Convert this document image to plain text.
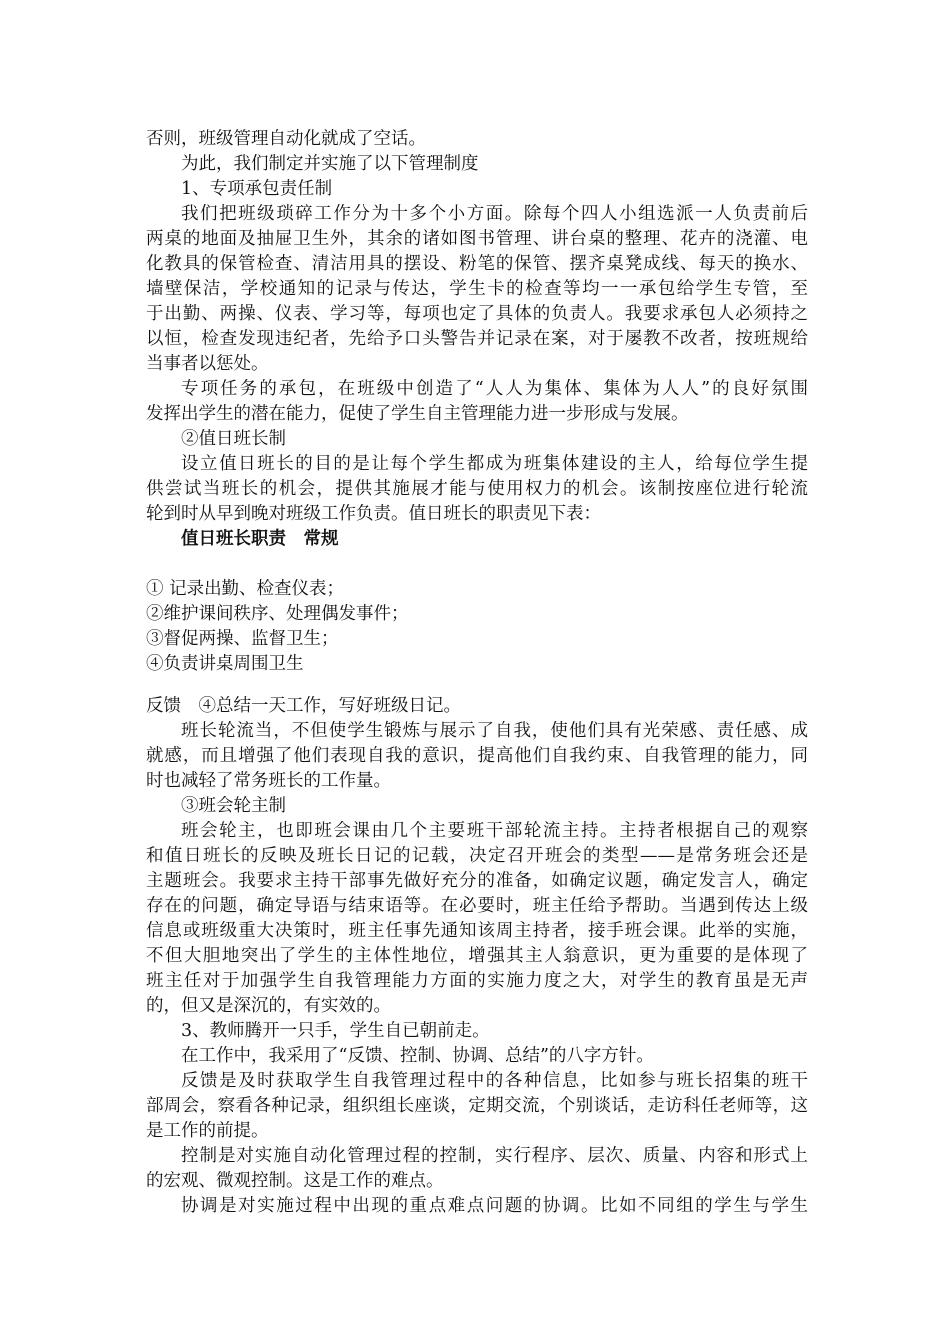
否则，班级管理自动化就成了空话。
为此，我们制定并实施了以下管理制度
1、专项承包责任制
我们把班级琐碎工作分为十多个小方面。除每个四人小组选派一人负责前后
两桌的地面及抽屉卫生外，其余的诸如图书管理、讲台桌的整理、花卉的浇灌、电
化教具的保管检查、清洁用具的摆设、粉笔的保管、摆齐桌凳成线、每天的换水、
墙壁保洁，学校通知的记录与传达，学生卡的检查等均一一承包给学生专管，至
于出勤、两操、仪表、学习等，每项也定了具体的负责人。我要求承包人必须持之
以恒，检查发现违纪者，先给予口头警告并记录在案，对于屡教不改者，按班规给
当事者以惩处。
专项任务的承包，在班级中创造了“人人为集体、集体为人人”的良好氛围
发挥出学生的潜在能力，促使了学生自主管理能力进一步形成与发展。
②值日班长制
设立值日班长的目的是让每个学生都成为班集体建设的主人，给每位学生提
供尝试当班长的机会，提供其施展才能与使用权力的机会。该制按座位进行轮流
轮到时从早到晚对班级工作负责。值日班长的职责见下表：
值日班长职责　常规
① 记录出勤、检查仪表；
②维护课间秩序、处理偶发事件；
③督促两操、监督卫生；
④负责讲桌周围卫生
反馈　④总结一天工作，写好班级日记。
班长轮流当，不但使学生锻炼与展示了自我，使他们具有光荣感、责任感、成
就感，而且增强了他们表现自我的意识，提高他们自我约束、自我管理的能力，同
时也减轻了常务班长的工作量。
③班会轮主制
班会轮主，也即班会课由几个主要班干部轮流主持。主持者根据自己的观察
和值日班长的反映及班长日记的记载，决定召开班会的类型——是常务班会还是
主题班会。我要求主持干部事先做好充分的准备，如确定议题，确定发言人，确定
存在的问题，确定导语与结束语等。在必要时，班主任给予帮助。当遇到传达上级
信息或班级重大决策时，班主任事先通知该周主持者，接手班会课。此举的实施，
不但大胆地突出了学生的主体性地位，增强其主人翁意识，更为重要的是体现了
班主任对于加强学生自我管理能力方面的实施力度之大，对学生的教育虽是无声
的，但又是深沉的，有实效的。
3、教师腾开一只手，学生自已朝前走。
在工作中，我采用了“反馈、控制、协调、总结”的八字方针。
反馈是及时获取学生自我管理过程中的各种信息，比如参与班长招集的班干
部周会，察看各种记录，组织组长座谈，定期交流，个别谈话，走访科任老师等，这
是工作的前提。
控制是对实施自动化管理过程的控制，实行程序、层次、质量、内容和形式上
的宏观、微观控制。这是工作的难点。
协调是对实施过程中出现的重点难点问题的协调。比如不同组的学生与学生
